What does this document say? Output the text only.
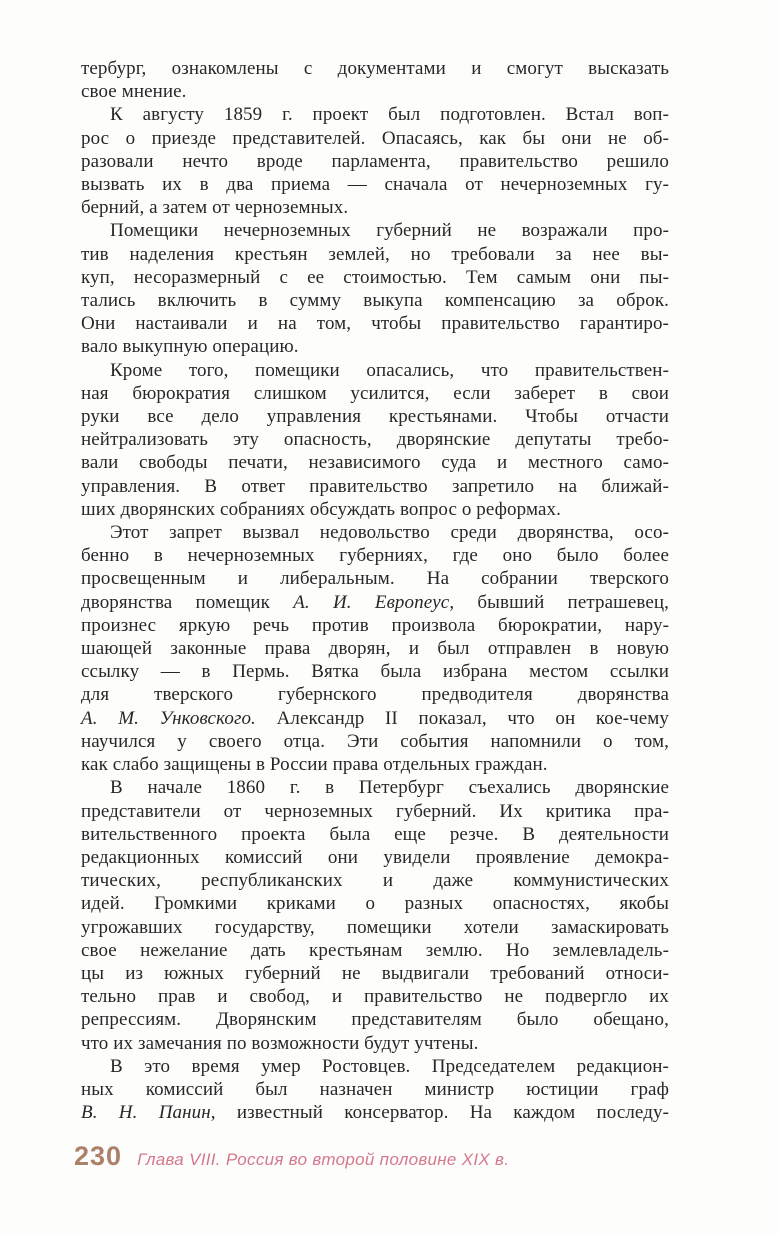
тербург, ознакомлены с документами и смогут высказать
свое мнение.
К августу 1859 г. проект был подготовлен. Встал воп-
рос о приезде представителей. Опасаясь, как бы они не об-
разовали нечто вроде парламента, правительство решило
вызвать их в два приема — сначала от нечерноземных гу-
берний, а затем от черноземных.
Помещики нечерноземных губерний не возражали про-
тив наделения крестьян землей, но требовали за нее вы-
куп, несоразмерный с ее стоимостью. Тем самым они пы-
тались включить в сумму выкупа компенсацию за оброк.
Они настаивали и на том, чтобы правительство гарантиро-
вало выкупную операцию.
Кроме того, помещики опасались, что правительствен-
ная бюрократия слишком усилится, если заберет в свои
руки все дело управления крестьянами. Чтобы отчасти
нейтрализовать эту опасность, дворянские депутаты требо-
вали свободы печати, независимого суда и местного само-
управления. В ответ правительство запретило на ближай-
ших дворянских собраниях обсуждать вопрос о реформах.
Этот запрет вызвал недовольство среди дворянства, осо-
бенно в нечерноземных губерниях, где оно было более
просвещенным и либеральным. На собрании тверского
дворянства помещик А. И. Европеус, бывший петрашевец,
произнес яркую речь против произвола бюрократии, нару-
шающей законные права дворян, и был отправлен в новую
ссылку — в Пермь. Вятка была избрана местом ссылки
для тверского губернского предводителя дворянства
А. М. Унковского. Александр II показал, что он кое-чему
научился у своего отца. Эти события напомнили о том,
как слабо защищены в России права отдельных граждан.
В начале 1860 г. в Петербург съехались дворянские
представители от черноземных губерний. Их критика пра-
вительственного проекта была еще резче. В деятельности
редакционных комиссий они увидели проявление демокра-
тических, республиканских и даже коммунистических
идей. Громкими криками о разных опасностях, якобы
угрожавших государству, помещики хотели замаскировать
свое нежелание дать крестьянам землю. Но землевладель-
цы из южных губерний не выдвигали требований относи-
тельно прав и свобод, и правительство не подвергло их
репрессиям. Дворянским представителям было обещано,
что их замечания по возможности будут учтены.
В это время умер Ростовцев. Председателем редакцион-
ных комиссий был назначен министр юстиции граф
В. Н. Панин, известный консерватор. На каждом последу-
230 Глава VIII. Россия во второй половине XIX в.
